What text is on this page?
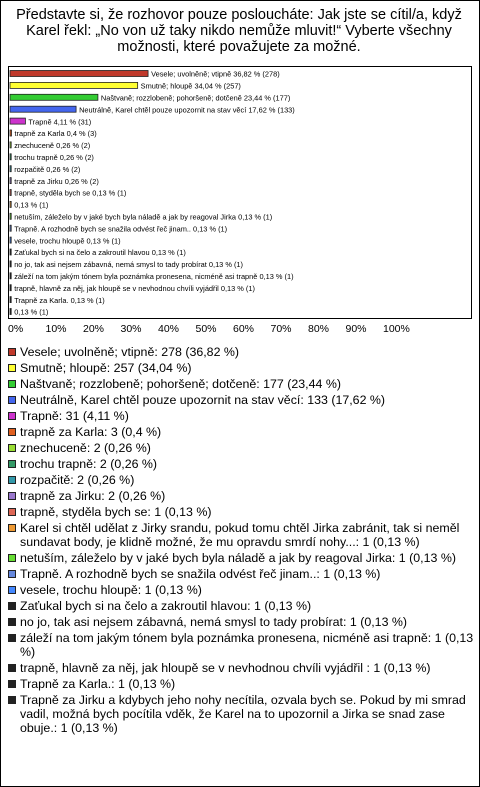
Představte si, že rozhovor pouze posloucháte: Jak jste se cítil/a, když Karel řekl: „No von už taky nikdo nemůže mluvit!“ Vyberte všechny možnosti, které považujete za možné.
Vesele; uvolněně; vtipně 36,82 % (278)
Smutně; hloupě 34,04 % (257)
Naštvaně; rozzlobeně; pohoršeně; dotčeně 23,44 % (177)
Neutrálně, Karel chtěl pouze upozornit na stav věcí 17,62 % (133)
Trapně 4,11 % (31)
trapně za Karla 0,4 % (3)
znechuceně 0,26 % (2)
trochu trapně 0,26 % (2)
rozpačitě 0,26 % (2)
trapně za Jirku 0,26 % (2)
trapně, styděla bych se 0,13 % (1)
0,13 % (1)
netuším, záleželo by v jaké bych byla náladě a jak by reagoval Jirka 0,13 % (1)
Trapně. A rozhodně bych se snažila odvést řeč jinam.. 0,13 % (1)
vesele, trochu hloupě 0,13 % (1)
Zaťukal bych si na čelo a zakroutil hlavou 0,13 % (1)
no jo, tak asi nejsem zábavná, nemá smysl to tady probírat 0,13 % (1)
záleží na tom jakým tónem byla poznámka pronesena, nicméně asi trapně 0,13 % (1)
trapně, hlavně za něj, jak hloupě se v nevhodnou chvíli vyjádřil 0,13 % (1)
Trapně za Karla. 0,13 % (1)
0,13 % (1)
0% 10% 20% 30% 40% 50% 60% 70% 80% 90% 100%
Vesele; uvolněně; vtipně: 278 (36,82 %)
Smutně; hloupě: 257 (34,04 %)
Naštvaně; rozzlobeně; pohoršeně; dotčeně: 177 (23,44 %)
Neutrálně, Karel chtěl pouze upozornit na stav věcí: 133 (17,62 %)
Trapně: 31 (4,11 %)
trapně za Karla: 3 (0,4 %)
znechuceně: 2 (0,26 %)
trochu trapně: 2 (0,26 %)
rozpačitě: 2 (0,26 %)
trapně za Jirku: 2 (0,26 %)
trapně, styděla bych se: 1 (0,13 %)
Karel si chtěl udělat z Jirky srandu, pokud tomu chtěl Jirka zabránit, tak si neměl sundavat body, je klidně možné, že mu opravdu smrdí nohy...: 1 (0,13 %)
netuším, záleželo by v jaké bych byla náladě a jak by reagoval Jirka: 1 (0,13 %)
Trapně. A rozhodně bych se snažila odvést řeč jinam..: 1 (0,13 %)
vesele, trochu hloupě: 1 (0,13 %)
Zaťukal bych si na čelo a zakroutil hlavou: 1 (0,13 %)
no jo, tak asi nejsem zábavná, nemá smysl to tady probírat: 1 (0,13 %)
záleží na tom jakým tónem byla poznámka pronesena, nicméně asi trapně: 1 (0,13 %)
trapně, hlavně za něj, jak hloupě se v nevhodnou chvíli vyjádřil : 1 (0,13 %)
Trapně za Karla.: 1 (0,13 %)
Trapně za Jirku a kdybych jeho nohy necítila, ozvala bych se. Pokud by mi smrad vadil, možná bych pocítila vděk, že Karel na to upozornil a Jirka se snad zase obuje.: 1 (0,13 %)
